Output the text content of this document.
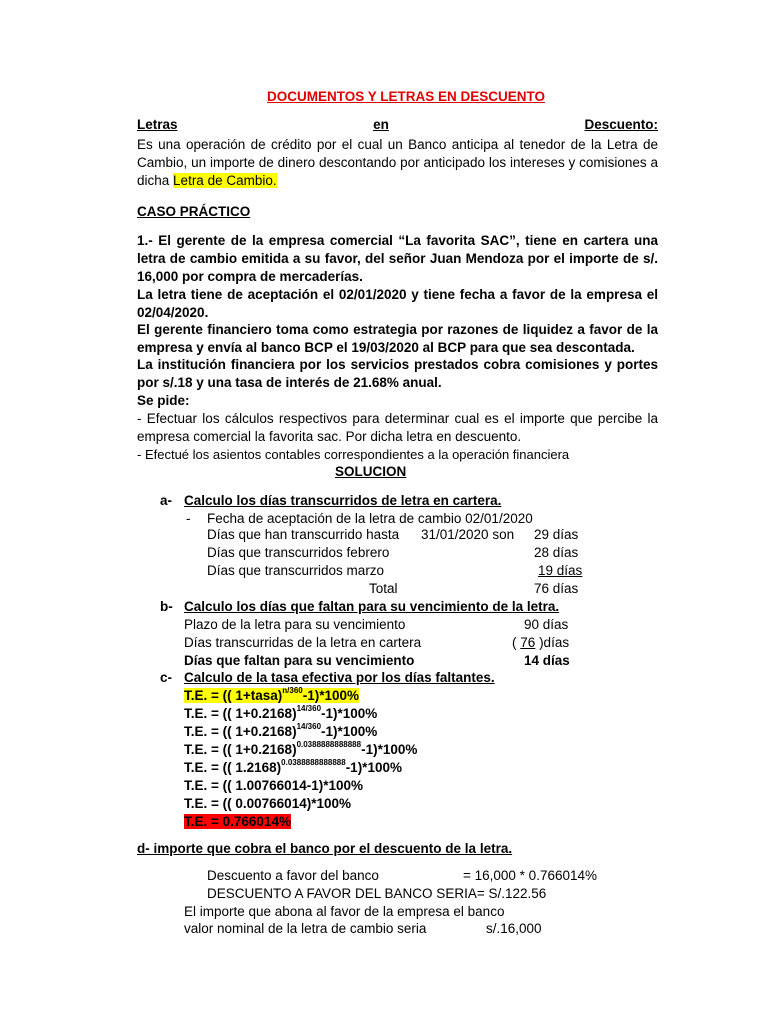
DOCUMENTOS Y LETRAS EN DESCUENTO
Letras	en	Descuento:
Es una operación de crédito por el cual un Banco anticipa al tenedor de la Letra de Cambio, un importe de dinero descontando por anticipado los intereses y comisiones a dicha Letra de Cambio.
CASO PRÁCTICO
1.- El gerente de la empresa comercial “La favorita SAC”, tiene en cartera una letra de cambio emitida a su favor, del señor Juan Mendoza por el importe de s/. 16,000 por compra de mercaderías.
La letra tiene de aceptación el 02/01/2020 y tiene fecha a favor de la empresa el 02/04/2020.
El gerente financiero toma como estrategia por razones de liquidez a favor de la empresa y envía al banco BCP el 19/03/2020 al BCP para que sea descontada.
La institución financiera por los servicios prestados cobra comisiones y portes por s/.18 y una tasa de interés de 21.68% anual.
Se pide:
- Efectuar los cálculos respectivos para determinar cual es el importe que percibe la empresa comercial la favorita sac. Por dicha letra en descuento.
- Efectué los asientos contables correspondientes a la operación financiera
SOLUCION
a- Calculo los días transcurridos de letra en cartera.
- Fecha de aceptación de la letra de cambio 02/01/2020
Días que han transcurrido hasta 31/01/2020 son 29 días
Días que transcurridos febrero	28 días
Días que transcurridos marzo	19 días
Total	76 días
b- Calculo los días que faltan para su vencimiento de la letra.
Plazo de la letra para su vencimiento	90 días
Días transcurridas de la letra en cartera	( 76 )días
Días que faltan para su vencimiento	14 días
c- Calculo de la tasa efectiva por los días faltantes.
T.E. = (( 1+tasa)$^{n/360}$-1)*100%
T.E. = (( 1+0.2168)$^{14/360}$-1)*100%
T.E. = (( 1+0.2168)$^{14/360}$-1)*100%
T.E. = (( 1+0.2168)$^{0.0388888888888}$-1)*100%
T.E. = (( 1.2168)$^{0.0388888888888}$-1)*100%
T.E. = (( 1.00766014-1)*100%
T.E. = (( 0.00766014)*100%
T.E. = 0.766014%
d- importe que cobra el banco por el descuento de la letra.
Descuento a favor del banco	= 16,000 * 0.766014%
DESCUENTO A FAVOR DEL BANCO SERIA= S/.122.56
El importe que abona al favor de la empresa el banco
valor nominal de la letra de cambio seria	s/.16,000
